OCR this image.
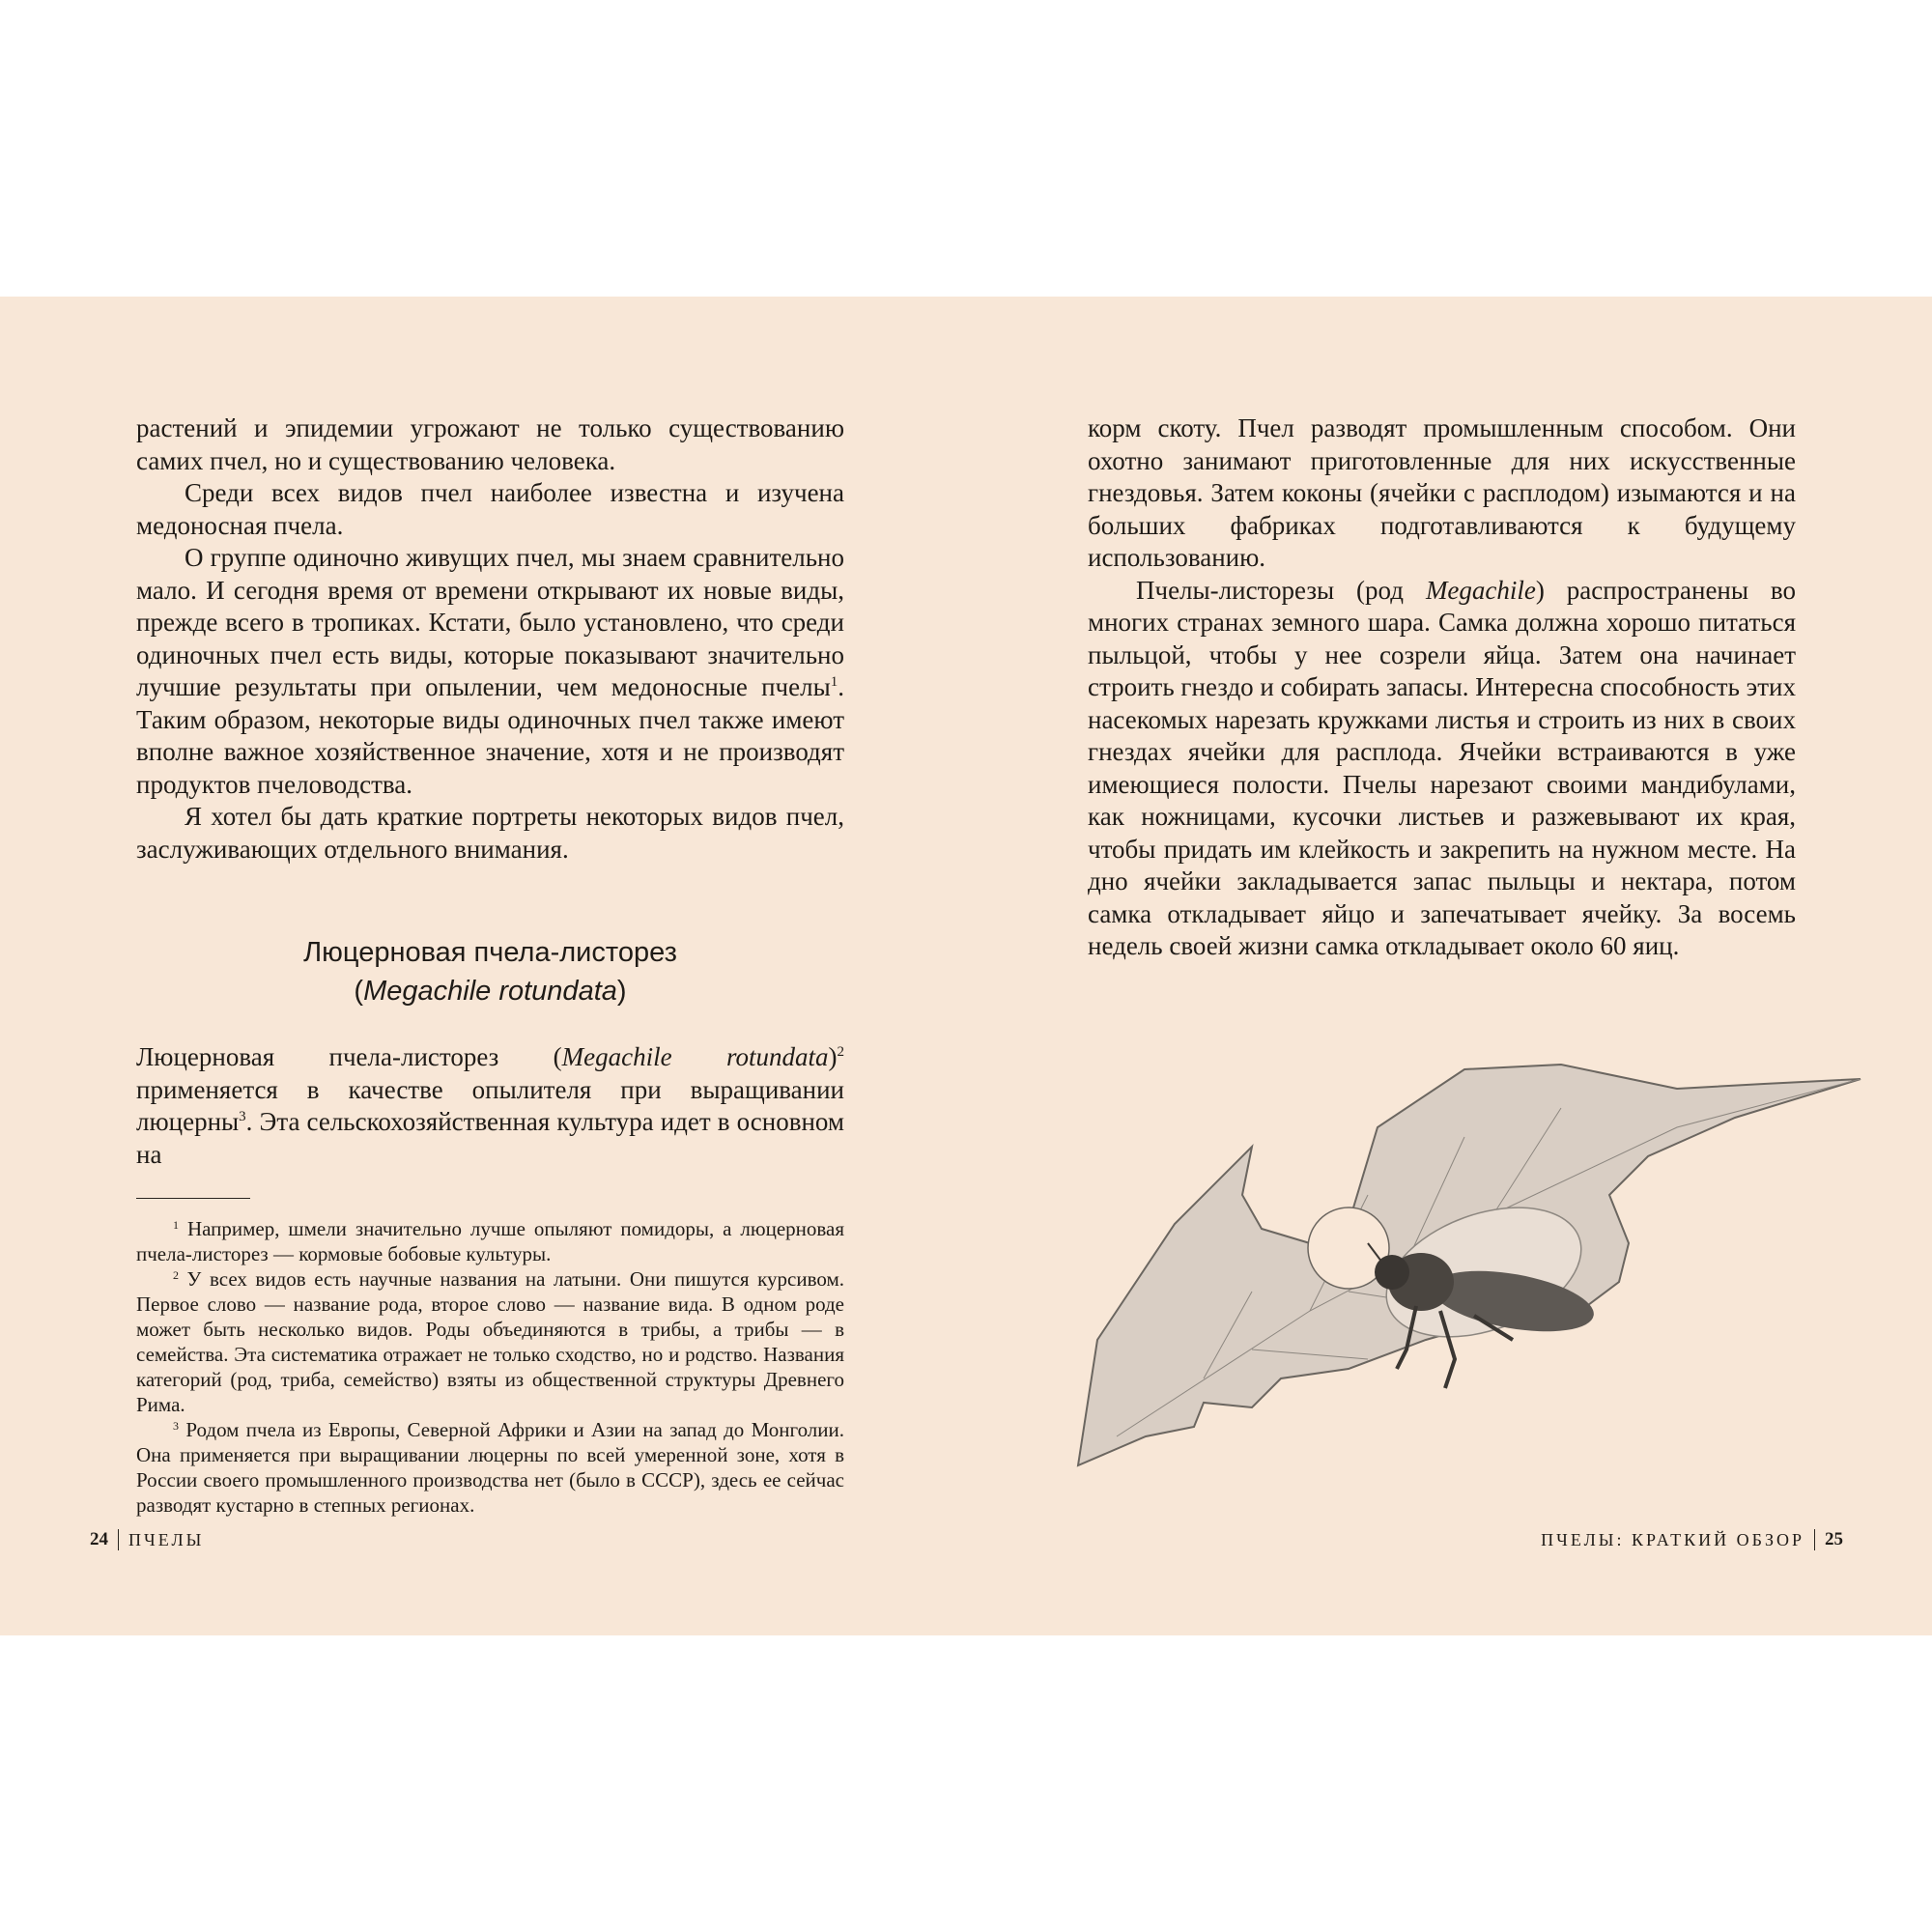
растений и эпидемии угрожают не только существованию самих пчел, но и существованию человека.

Среди всех видов пчел наиболее известна и изучена медоносная пчела.

О группе одиночно живущих пчел, мы знаем сравнительно мало. И сегодня время от времени открывают их новые виды, прежде всего в тропиках. Кстати, было установлено, что среди одиночных пчел есть виды, которые показывают значительно лучшие результаты при опылении, чем медоносные пчелы$^1$. Таким образом, некоторые виды одиночных пчел также имеют вполне важное хозяйственное значение, хотя и не производят продуктов пчеловодства.

Я хотел бы дать краткие портреты некоторых видов пчел, заслуживающих отдельного внимания.

Люцерновая пчела-листорез
(Megachile rotundata)

Люцерновая пчела-листорез (Megachile rotundata)$^2$ применяется в качестве опылителя при выращивании люцерны$^3$. Эта сельскохозяйственная культура идет в основном на

$^1$ Например, шмели значительно лучше опыляют помидоры, а люцерновая пчела-листорез — кормовые бобовые культуры.

$^2$ У всех видов есть научные названия на латыни. Они пишутся курсивом. Первое слово — название рода, второе слово — название вида. В одном роде может быть несколько видов. Роды объединяются в трибы, а трибы — в семейства. Эта систематика отражает не только сходство, но и родство. Названия категорий (род, триба, семейство) взяты из общественной структуры Древнего Рима.

$^3$ Родом пчела из Европы, Северной Африки и Азии на запад до Монголии. Она применяется при выращивании люцерны по всей умеренной зоне, хотя в России своего промышленного производства нет (было в СССР), здесь ее сейчас разводят кустарно в степных регионах.

24 ПЧЕЛЫ

корм скоту. Пчел разводят промышленным способом. Они охотно занимают приготовленные для них искусственные гнездовья. Затем коконы (ячейки с расплодом) изымаются и на больших фабриках подготавливаются к будущему использованию.

Пчелы-листорезы (род Megachile) распространены во многих странах земного шара. Самка должна хорошо питаться пыльцой, чтобы у нее созрели яйца. Затем она начинает строить гнездо и собирать запасы. Интересна способность этих насекомых нарезать кружками листья и строить из них в своих гнездах ячейки для расплода. Ячейки встраиваются в уже имеющиеся полости. Пчелы нарезают своими мандибулами, как ножницами, кусочки листьев и разжевывают их края, чтобы придать им клейкость и закрепить на нужном месте. На дно ячейки закладывается запас пыльцы и нектара, потом самка откладывает яйцо и запечатывает ячейку. За восемь недель своей жизни самка откладывает около 60 яиц.

ПЧЕЛЫ: КРАТКИЙ ОБЗОР 25
